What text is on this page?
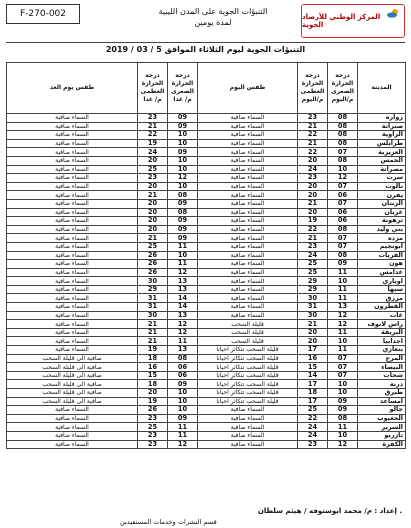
F-270-002	التنبؤات الجوية على المدن الليبية
لمدة يومين
المركز الوطني للأرصاد الجوية
التنبؤات الجوية ليوم الثلاثاء الموافق 5 / 03 / 2019
المدينة	درجة الحرارة الصغرى م/اليوم	درجة الحرارة العظمى م/اليوم	طقس اليوم	درجة الحرارة الصغرى م/ غدا	درجة الحرارة العظمى م/ غدا	طقس يوم الغد
زواره	08	23	السماء صافية	09	23	السماء صافية
صبراتة	08	21	السماء صافية	09	21	السماء صافية
الزاوية	08	22	السماء صافية	10	22	السماء صافية
طرابلس	08	21	السماء صافية	10	19	السماء صافية
العزيزية	07	22	السماء صافية	09	24	السماء صافية
الخمس	08	20	السماء صافية	10	20	السماء صافية
مصراتة	10	24	السماء صافية	10	25	السماء صافية
سرت	12	23	السماء صافية	12	23	السماء صافية
نالوت	07	20	السماء صافية	10	20	السماء صافية
يفرن	06	20	السماء صافية	08	21	السماء صافية
الزنتان	07	21	السماء صافية	09	20	السماء صافية
غريان	06	20	السماء صافية	08	20	السماء صافية
ترهونة	06	19	السماء صافية	09	20	السماء صافية
بني وليد	08	22	السماء صافية	09	20	السماء صافية
مزده	07	21	السماء صافية	09	21	السماء صافية
ابونجيم	07	23	السماء صافية	11	25	السماء صافية
القريات	08	24	السماء صافية	10	26	السماء صافية
هون	09	25	السماء صافية	11	26	السماء صافية
غدامس	11	25	السماء صافية	12	26	السماء صافية
اوباري	10	29	السماء صافية	13	30	السماء صافية
سبها	11	29	السماء صافية	13	29	السماء صافية
مرزق	11	30	السماء صافية	14	31	السماء صافية
القطرون	13	31	السماء صافية	14	31	السماء صافية
غات	12	30	السماء صافية	13	30	السماء صافية
راس لانوف	12	21	قليلة السحب	12	21	السماء صافية
البريقة	11	20	قليلة السحب	12	21	السماء صافية
اجدابيا	10	20	قليلة السحب	11	21	السماء صافية
بنغازي	11	17	قليلة السحب تتكاثر احيانا	13	19	السماء صافية
المرج	07	16	قليلة السحب تتكاثر احيانا	08	18	صافية الى قليلة السحب
البيضاء	07	15	قليلة السحب تتكاثر احيانا	06	16	صافية الى قليلة السحب
شحات	07	14	قليلة السحب تتكاثر احيانا	06	15	صافية الى قليلة السحب
درنة	10	17	قليلة السحب تتكاثر احيانا	09	18	صافية الى قليلة السحب
طبرق	10	18	قليلة السحب تتكاثر احيانا	10	20	صافية الى قليلة السحب
امساعد	09	17	قليلة السحب تتكاثر احيانا	10	19	صافية الى قليلة السحب
جالو	09	25	السماء صافية	10	26	السماء صافية
الجغبوب	08	22	السماء صافية	09	23	السماء صافية
السرير	11	24	السماء صافية	11	25	السماء صافية
تازربو	10	24	السماء صافية	11	23	السماء صافية
الكفرة	12	23	السماء صافية	12	23	السماء صافية
إعداد : م/ محمد ابوستوفه / هيثم سلطان .
قسم النشرات وخدمات المستفيدين
